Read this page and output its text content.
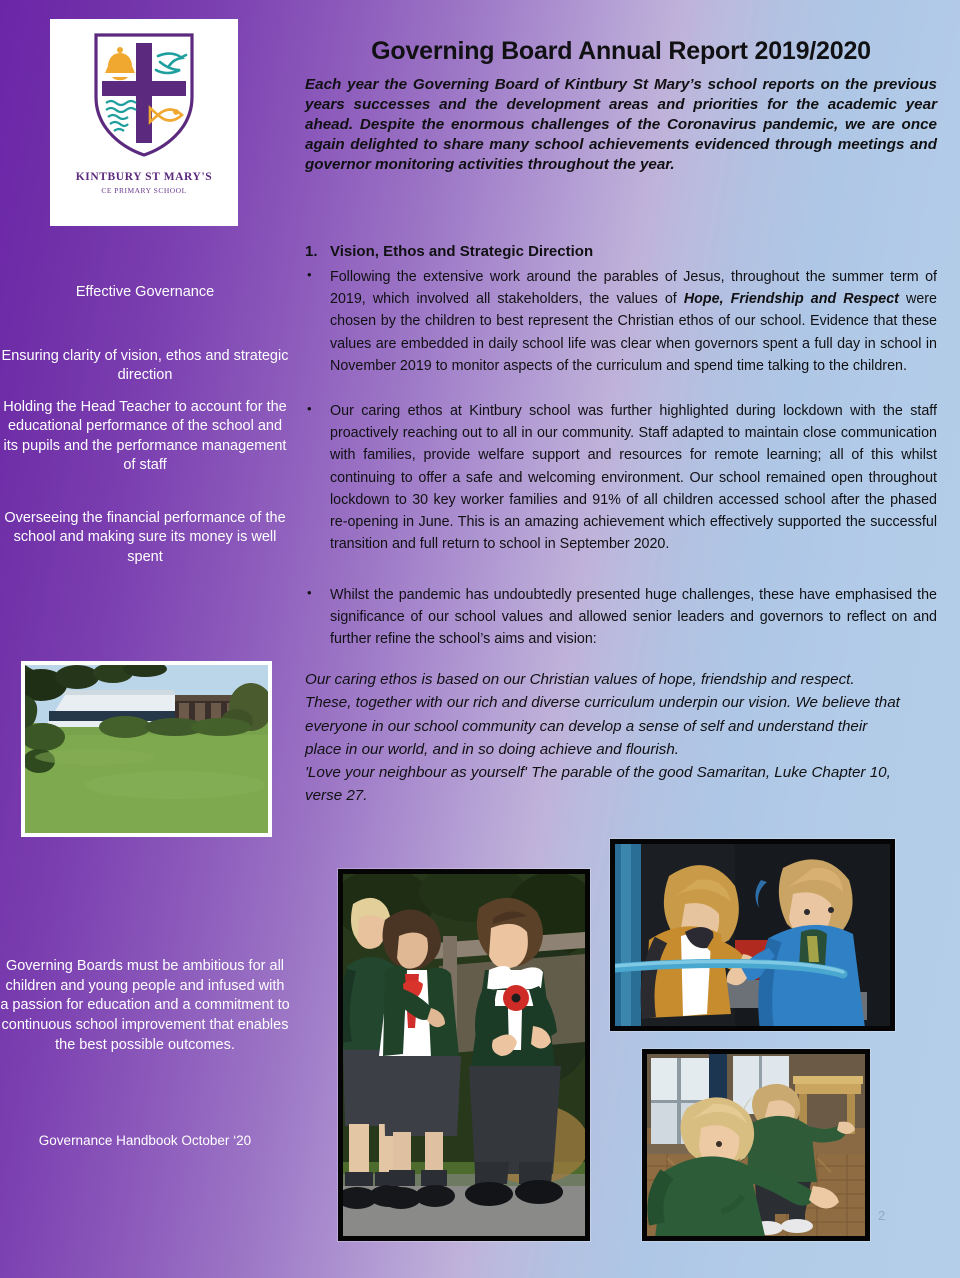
KINTBURY ST MARY'S
CE PRIMARY SCHOOL
Effective Governance
Ensuring clarity of vision, ethos and strategic direction
Holding the Head Teacher to account for the educational performance of the school and its pupils and the performance management of staff
Overseeing the financial performance of the school and making sure its money is well spent
Governing Boards must be ambitious for all children and young people and infused with a passion for education and a commitment to continuous school improvement that enables the best possible outcomes.
Governance Handbook October ‘20
Governing Board Annual Report 2019/2020
Each year the Governing Board of Kintbury St Mary’s school reports on the previous years successes and the development areas and priorities for the academic year ahead. Despite the enormous challenges of the Coronavirus pandemic, we are once again delighted to share many school achievements evidenced through meetings and governor monitoring activities throughout the year.
1. Vision, Ethos and Strategic Direction
• Following the extensive work around the parables of Jesus, throughout the summer term of 2019, which involved all stakeholders, the values of Hope, Friendship and Respect were chosen by the children to best represent the Christian ethos of our school. Evidence that these values are embedded in daily school life was clear when governors spent a full day in school in November 2019 to monitor aspects of the curriculum and spend time talking to the children.
• Our caring ethos at Kintbury school was further highlighted during lockdown with the staff proactively reaching out to all in our community. Staff adapted to maintain close communication with families, provide welfare support and resources for remote learning; all of this whilst continuing to offer a safe and welcoming environment. Our school remained open throughout lockdown to 30 key worker families and 91% of all children accessed school after the phased re-opening in June. This is an amazing achievement which effectively supported the successful transition and full return to school in September 2020.
• Whilst the pandemic has undoubtedly presented huge challenges, these have emphasised the significance of our school values and allowed senior leaders and governors to reflect on and further refine the school’s aims and vision:

Our caring ethos is based on our Christian values of hope, friendship and respect. These, together with our rich and diverse curriculum underpin our vision. We believe that everyone in our school community can develop a sense of self and understand their place in our world, and in so doing achieve and flourish.

'Love your neighbour as yourself' The parable of the good Samaritan, Luke Chapter 10, verse 27.

2
